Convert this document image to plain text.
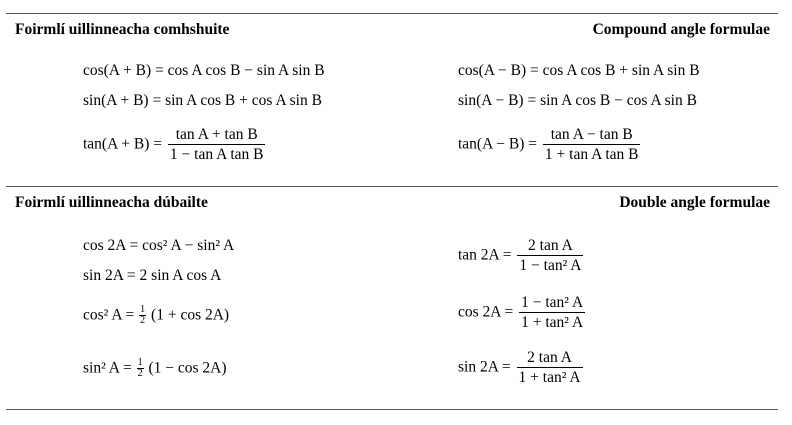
Foirmlí uillinneacha comhshuite	Compound angle formulae
cos(A + B) = cos A cos B − sin A sin B
sin(A + B) = sin A cos B + cos A sin B
$\tan(A + B) = \frac{\text{tan A + tan B}}{\text{1 − tan A tan B}}$
cos(A − B) = cos A cos B + sin A sin B
sin(A − B) = sin A cos B − cos A sin B
$\tan(A - B) = \frac{\text{tan A − tan B}}{\text{1 + tan A tan B}}$
Foirmlí uillinneacha dúbailte	Double angle formulae
cos 2A = cos² A − sin² A
sin 2A = 2 sin A cos A
cos² $A = \frac{1}{2} (1 + \cos 2A)$
sin² $A = \frac{1}{2} (1 - \cos 2A)$
$\tan 2A = \frac{\text{2 tan A}}{\text{1 − tan² A}}$
$\cos 2A = \frac{\text{1 − tan² A}}{\text{1 + tan² A}}$
$\sin 2A = \frac{\text{2 tan A}}{\text{1 + tan² A}}$
